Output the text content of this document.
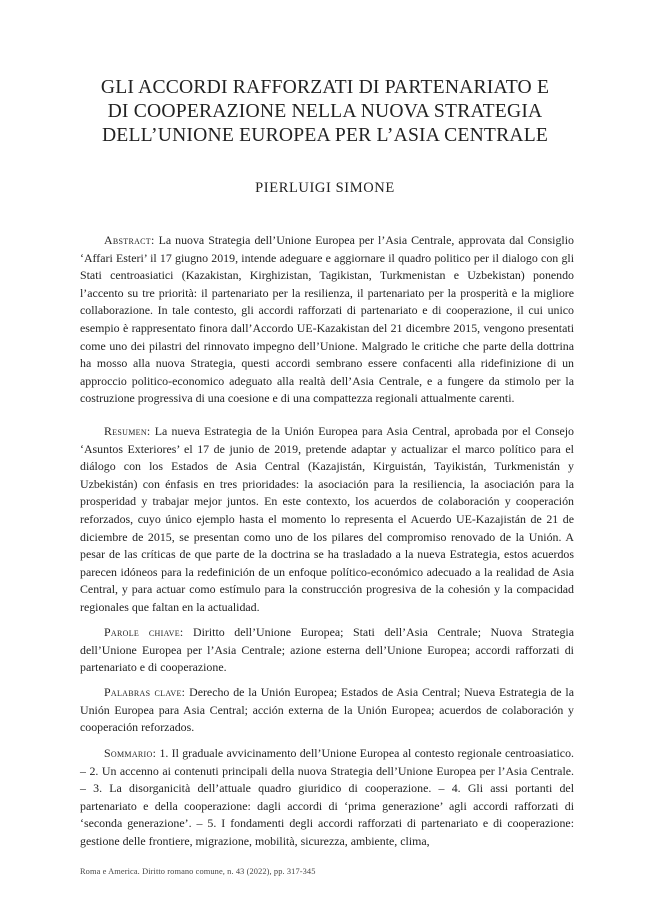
GLI ACCORDI RAFFORZATI DI PARTENARIATO E
DI COOPERAZIONE NELLA NUOVA STRATEGIA
DELL’UNIONE EUROPEA PER L’ASIA CENTRALE
PIERLUIGI SIMONE

Abstract: La nuova Strategia dell’Unione Europea per l’Asia Centrale, approvata dal Consiglio ‘Affari Esteri’ il 17 giugno 2019, intende adeguare e aggiornare il quadro politico per il dialogo con gli Stati centroasiatici (Kazakistan, Kirghizistan, Tagikistan, Turkmenistan e Uzbekistan) ponendo l’accento su tre priorità: il partenariato per la resilienza, il partenariato per la prosperità e la migliore collaborazione. In tale contesto, gli accordi rafforzati di partenariato e di cooperazione, il cui unico esempio è rappresentato finora dall’Accordo UE-Kazakistan del 21 dicembre 2015, vengono presentati come uno dei pilastri del rinnovato impegno dell’Unione. Malgrado le critiche che parte della dottrina ha mosso alla nuova Strategia, questi accordi sembrano essere confacenti alla ridefinizione di un approccio politico-economico adeguato alla realtà dell’Asia Centrale, e a fungere da stimolo per la costruzione progressiva di una coesione e di una compattezza regionali attualmente carenti.

Resumen: La nueva Estrategia de la Unión Europea para Asia Central, aprobada por el Consejo ‘Asuntos Exteriores’ el 17 de junio de 2019, pretende adaptar y actualizar el marco político para el diálogo con los Estados de Asia Central (Kazajistán, Kirguistán, Tayikistán, Turkmenistán y Uzbekistán) con énfasis en tres prioridades: la asociación para la resiliencia, la asociación para la prosperidad y trabajar mejor juntos. En este contexto, los acuerdos de colaboración y cooperación reforzados, cuyo único ejemplo hasta el momento lo representa el Acuerdo UE-Kazajistán de 21 de diciembre de 2015, se presentan como uno de los pilares del compromiso renovado de la Unión. A pesar de las críticas de que parte de la doctrina se ha trasladado a la nueva Estrategia, estos acuerdos parecen idóneos para la redefinición de un enfoque político-económico adecuado a la realidad de Asia Central, y para actuar como estímulo para la construcción progresiva de la cohesión y la compacidad regionales que faltan en la actualidad.

Parole chiave: Diritto dell’Unione Europea; Stati dell’Asia Centrale; Nuova Strategia dell’Unione Europea per l’Asia Centrale; azione esterna dell’Unione Europea; accordi rafforzati di partenariato e di cooperazione.

Palabras clave: Derecho de la Unión Europea; Estados de Asia Central; Nueva Estrategia de la Unión Europea para Asia Central; acción externa de la Unión Europea; acuerdos de colaboración y cooperación reforzados.

Sommario: 1. Il graduale avvicinamento dell’Unione Europea al contesto regionale centroasiatico. – 2. Un accenno ai contenuti principali della nuova Strategia dell’Unione Europea per l’Asia Centrale. – 3. La disorganicità dell’attuale quadro giuridico di cooperazione. – 4. Gli assi portanti del partenariato e della cooperazione: dagli accordi di ‘prima generazione’ agli accordi rafforzati di ‘seconda generazione’. – 5. I fondamenti degli accordi rafforzati di partenariato e di cooperazione: gestione delle frontiere, migrazione, mobilità, sicurezza, ambiente, clima,

Roma e America. Diritto romano comune, n. 43 (2022), pp. 317-345
